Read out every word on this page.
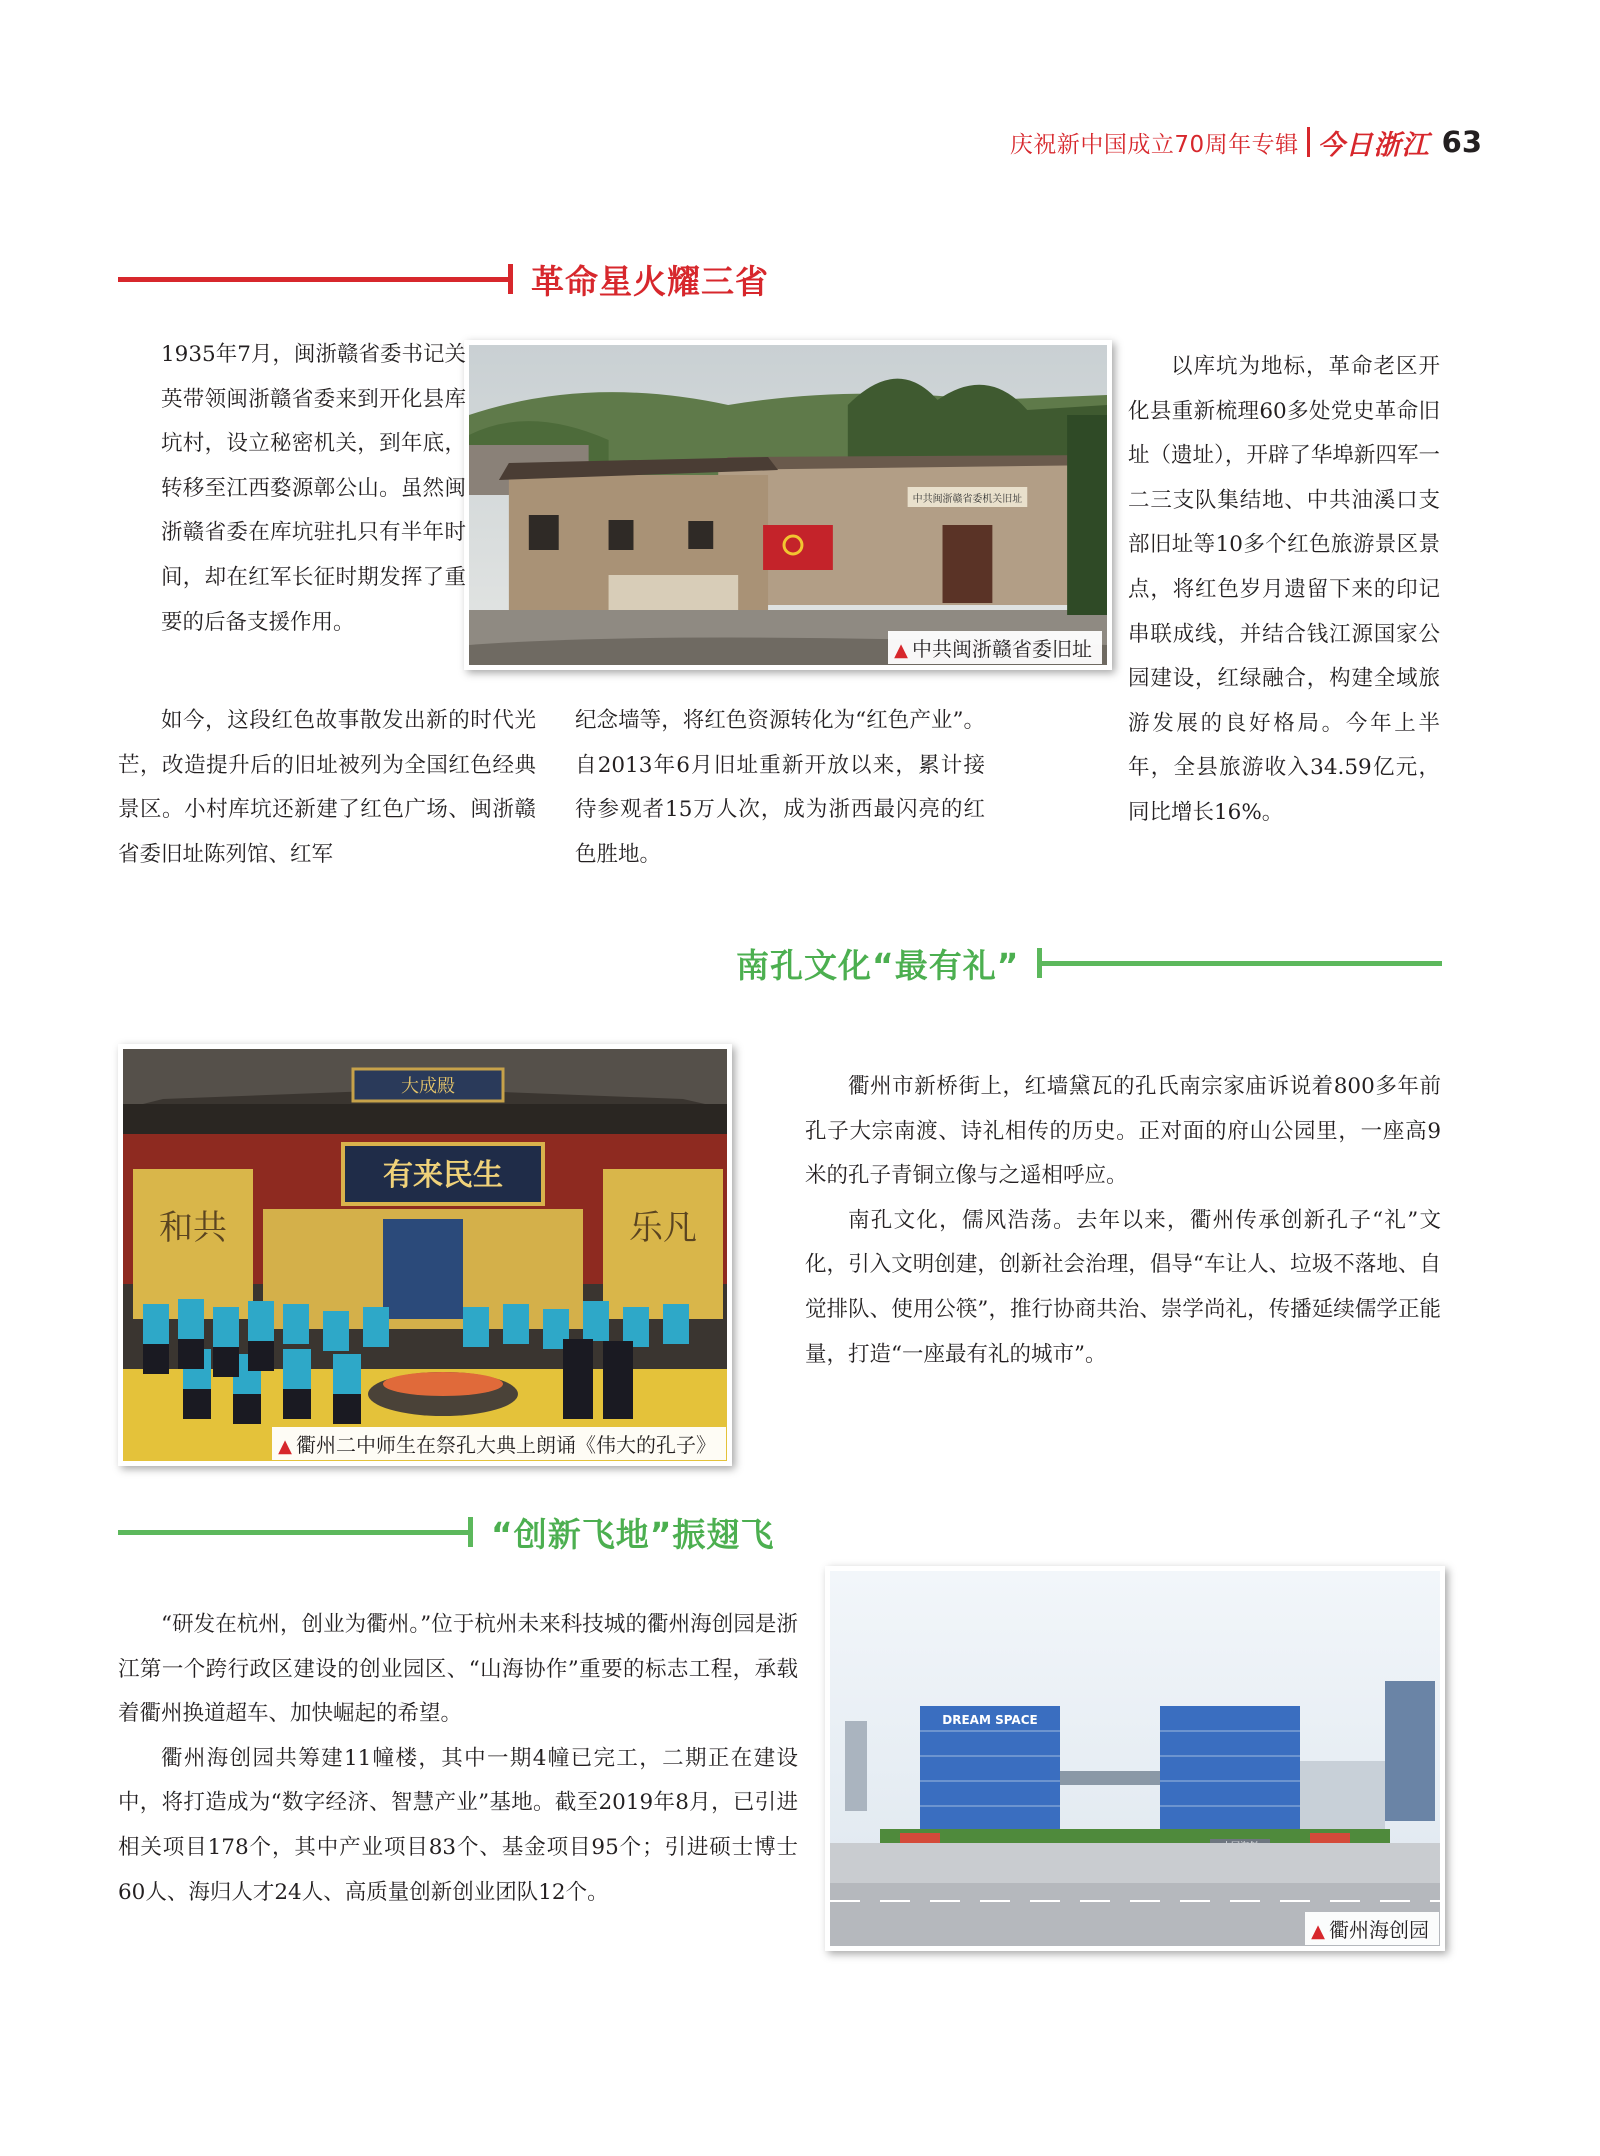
庆祝新中国成立70周年专辑 今日浙江 63
革命星火耀三省
中共闽浙赣省委机关旧址
▲ 中共闽浙赣省委旧址

1935年7月，闽浙赣省委书记关英带领闽浙赣省委来到开化县库坑村，设立秘密机关，到年底，转移至江西婺源鄣公山。虽然闽浙赣省委在库坑驻扎只有半年时间，却在红军长征时期发挥了重要的后备支援作用。

如今，这段红色故事散发出新的时代光芒，改造提升后的旧址被列为全国红色经典景区。小村库坑还新建了红色广场、闽浙赣省委旧址陈列馆、红军

纪念墙等，将红色资源转化为“红色产业”。自2013年6月旧址重新开放以来，累计接待参观者15万人次，成为浙西最闪亮的红色胜地。

以库坑为地标，革命老区开化县重新梳理60多处党史革命旧址（遗址），开辟了华埠新四军一二三支队集结地、中共油溪口支部旧址等10多个红色旅游景区景点，将红色岁月遗留下来的印记串联成线，并结合钱江源国家公园建设，红绿融合，构建全域旅游发展的良好格局。今年上半年，全县旅游收入34.59亿元，同比增长16%。

南孔文化“最有礼”
大成殿
有来民生
和共	乐凡
▲ 衢州二中师生在祭孔大典上朗诵《伟大的孔子》

衢州市新桥街上，红墙黛瓦的孔氏南宗家庙诉说着800多年前孔子大宗南渡、诗礼相传的历史。正对面的府山公园里，一座高9米的孔子青铜立像与之遥相呼应。

南孔文化，儒风浩荡。去年以来，衢州传承创新孔子“礼”文化，引入文明创建，创新社会治理，倡导“车让人、垃圾不落地、自觉排队、使用公筷”，推行协商共治、崇学尚礼，传播延续儒学正能量，打造“一座最有礼的城市”。

“创新飞地”振翅飞

“研发在杭州，创业为衢州。”位于杭州未来科技城的衢州海创园是浙江第一个跨行政区建设的创业园区、“山海协作”重要的标志工程，承载着衢州换道超车、加快崛起的希望。

衢州海创园共筹建11幢楼，其中一期4幢已完工，二期正在建设中，将打造成为“数字经济、智慧产业”基地。截至2019年8月，已引进相关项目178个，其中产业项目83个、基金项目95个；引进硕士博士60人、海归人才24人、高质量创新创业团队12个。

DREAM SPACE
▲ 衢州海创园
